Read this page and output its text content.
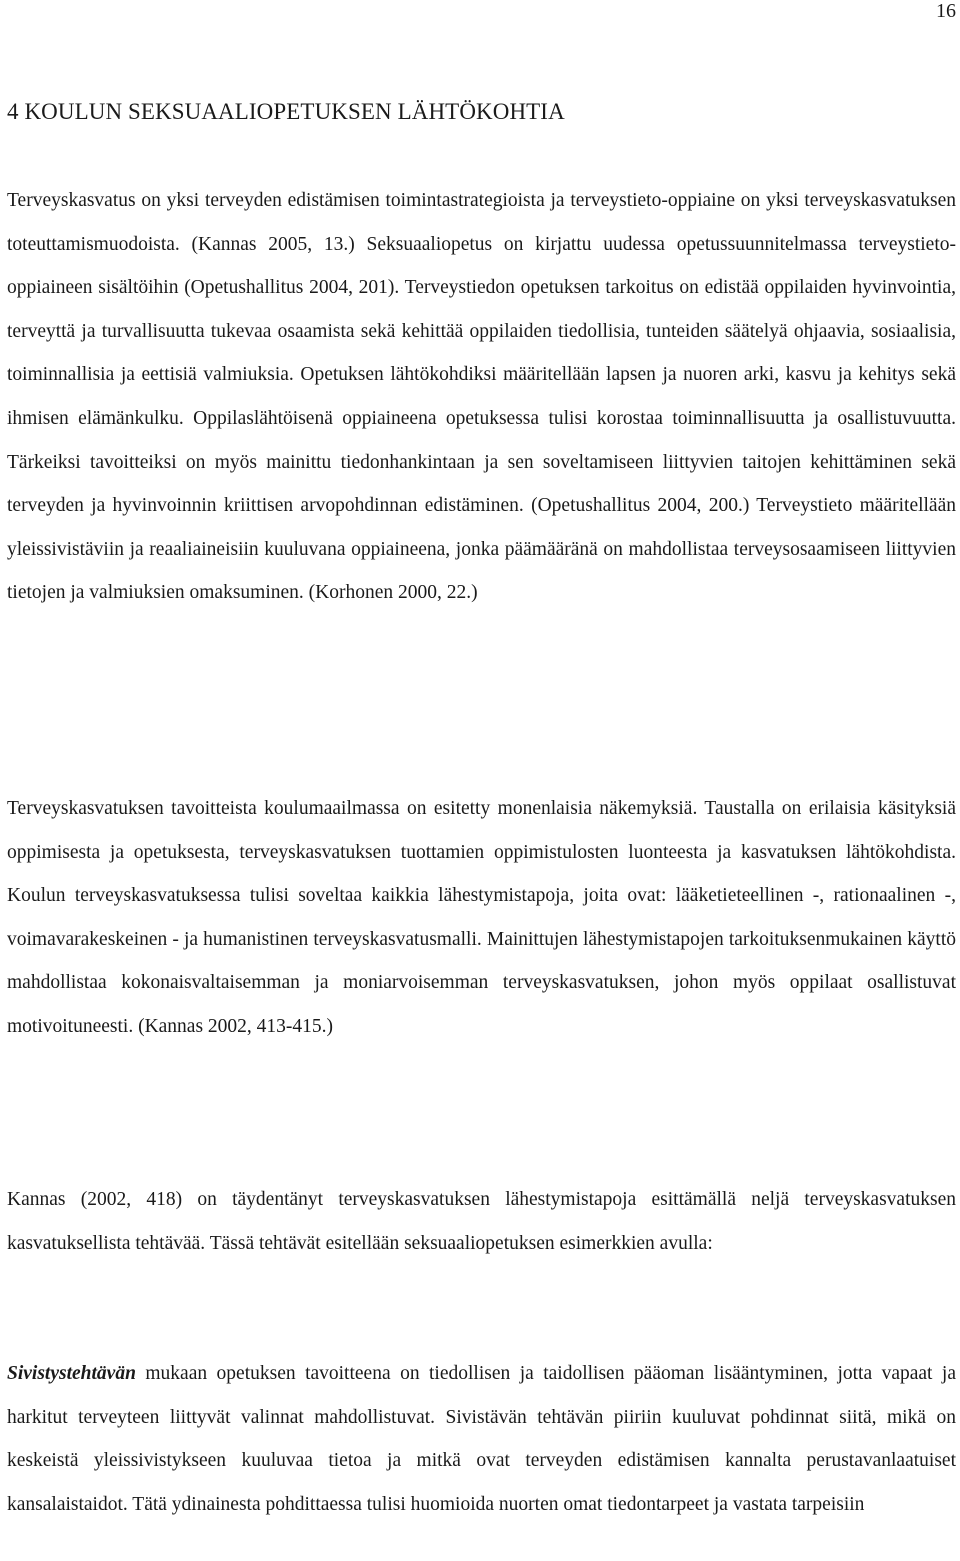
16
4 KOULUN SEKSUAALIOPETUKSEN LÄHTÖKOHTIA

Terveyskasvatus on yksi terveyden edistämisen toimintastrategioista ja terveystieto-oppiaine on yksi terveyskasvatuksen toteuttamismuodoista. (Kannas 2005, 13.) Seksuaaliopetus on kirjattu uudessa opetussuunnitelmassa terveystieto-oppiaineen sisältöihin (Opetushallitus 2004, 201). Terveystiedon opetuksen tarkoitus on edistää oppilaiden hyvinvointia, terveyttä ja turvallisuutta tukevaa osaamista sekä kehittää oppilaiden tiedollisia, tunteiden säätelyä ohjaavia, sosiaalisia, toiminnallisia ja eettisiä valmiuksia. Opetuksen lähtökohdiksi määritellään lapsen ja nuoren arki, kasvu ja kehitys sekä ihmisen elämänkulku. Oppilaslähtöisenä oppiaineena opetuksessa tulisi korostaa toiminnallisuutta ja osallistuvuutta. Tärkeiksi tavoitteiksi on myös mainittu tiedonhankintaan ja sen soveltamiseen liittyvien taitojen kehittäminen sekä terveyden ja hyvinvoinnin kriittisen arvopohdinnan edistäminen. (Opetushallitus 2004, 200.) Terveystieto määritellään yleissivistäviin ja reaaliaineisiin kuuluvana oppiaineena, jonka päämääränä on mahdollistaa terveysosaamiseen liittyvien tietojen ja valmiuksien omaksuminen. (Korhonen 2000, 22.)

Terveyskasvatuksen tavoitteista koulumaailmassa on esitetty monenlaisia näkemyksiä. Taustalla on erilaisia käsityksiä oppimisesta ja opetuksesta, terveyskasvatuksen tuottamien oppimistulosten luonteesta ja kasvatuksen lähtökohdista. Koulun terveyskasvatuksessa tulisi soveltaa kaikkia lähestymistapoja, joita ovat: lääketieteellinen -, rationaalinen -, voimavarakeskeinen - ja humanistinen terveyskasvatusmalli. Mainittujen lähestymistapojen tarkoituksenmukainen käyttö mahdollistaa kokonaisvaltaisemman ja moniarvoisemman terveyskasvatuksen, johon myös oppilaat osallistuvat motivoituneesti. (Kannas 2002, 413-415.)

Kannas (2002, 418) on täydentänyt terveyskasvatuksen lähestymistapoja esittämällä neljä terveyskasvatuksen kasvatuksellista tehtävää. Tässä tehtävät esitellään seksuaaliopetuksen esimerkkien avulla:

Sivistystehtävän mukaan opetuksen tavoitteena on tiedollisen ja taidollisen pääoman lisääntyminen, jotta vapaat ja harkitut terveyteen liittyvät valinnat mahdollistuvat. Sivistävän tehtävän piiriin kuuluvat pohdinnat siitä, mikä on keskeistä yleissivistykseen kuuluvaa tietoa ja mitkä ovat terveyden edistämisen kannalta perustavanlaatuiset kansalaistaidot. Tätä ydinainesta pohdittaessa tulisi huomioida nuorten omat tiedontarpeet ja vastata tarpeisiin
